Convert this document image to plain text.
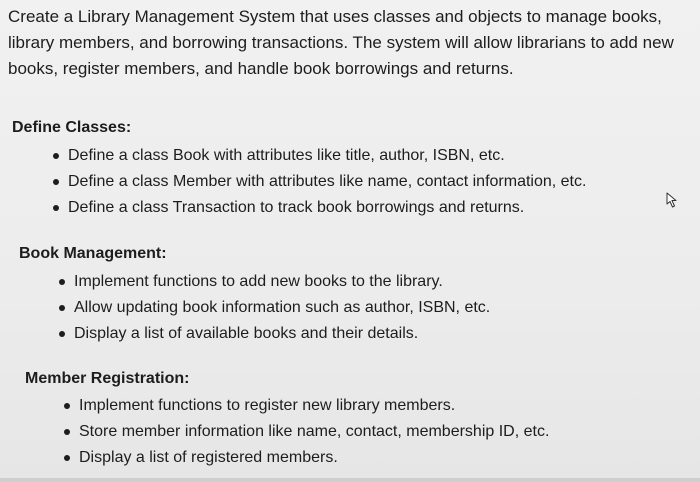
Create a Library Management System that uses classes and objects to manage books, library members, and borrowing transactions. The system will allow librarians to add new books, register members, and handle book borrowings and returns.

Define Classes:

Define a class Book with attributes like title, author, ISBN, etc.
Define a class Member with attributes like name, contact information, etc.
Define a class Transaction to track book borrowings and returns.

Book Management:

Implement functions to add new books to the library.
Allow updating book information such as author, ISBN, etc.
Display a list of available books and their details.

Member Registration:

Implement functions to register new library members.
Store member information like name, contact, membership ID, etc.
Display a list of registered members.
